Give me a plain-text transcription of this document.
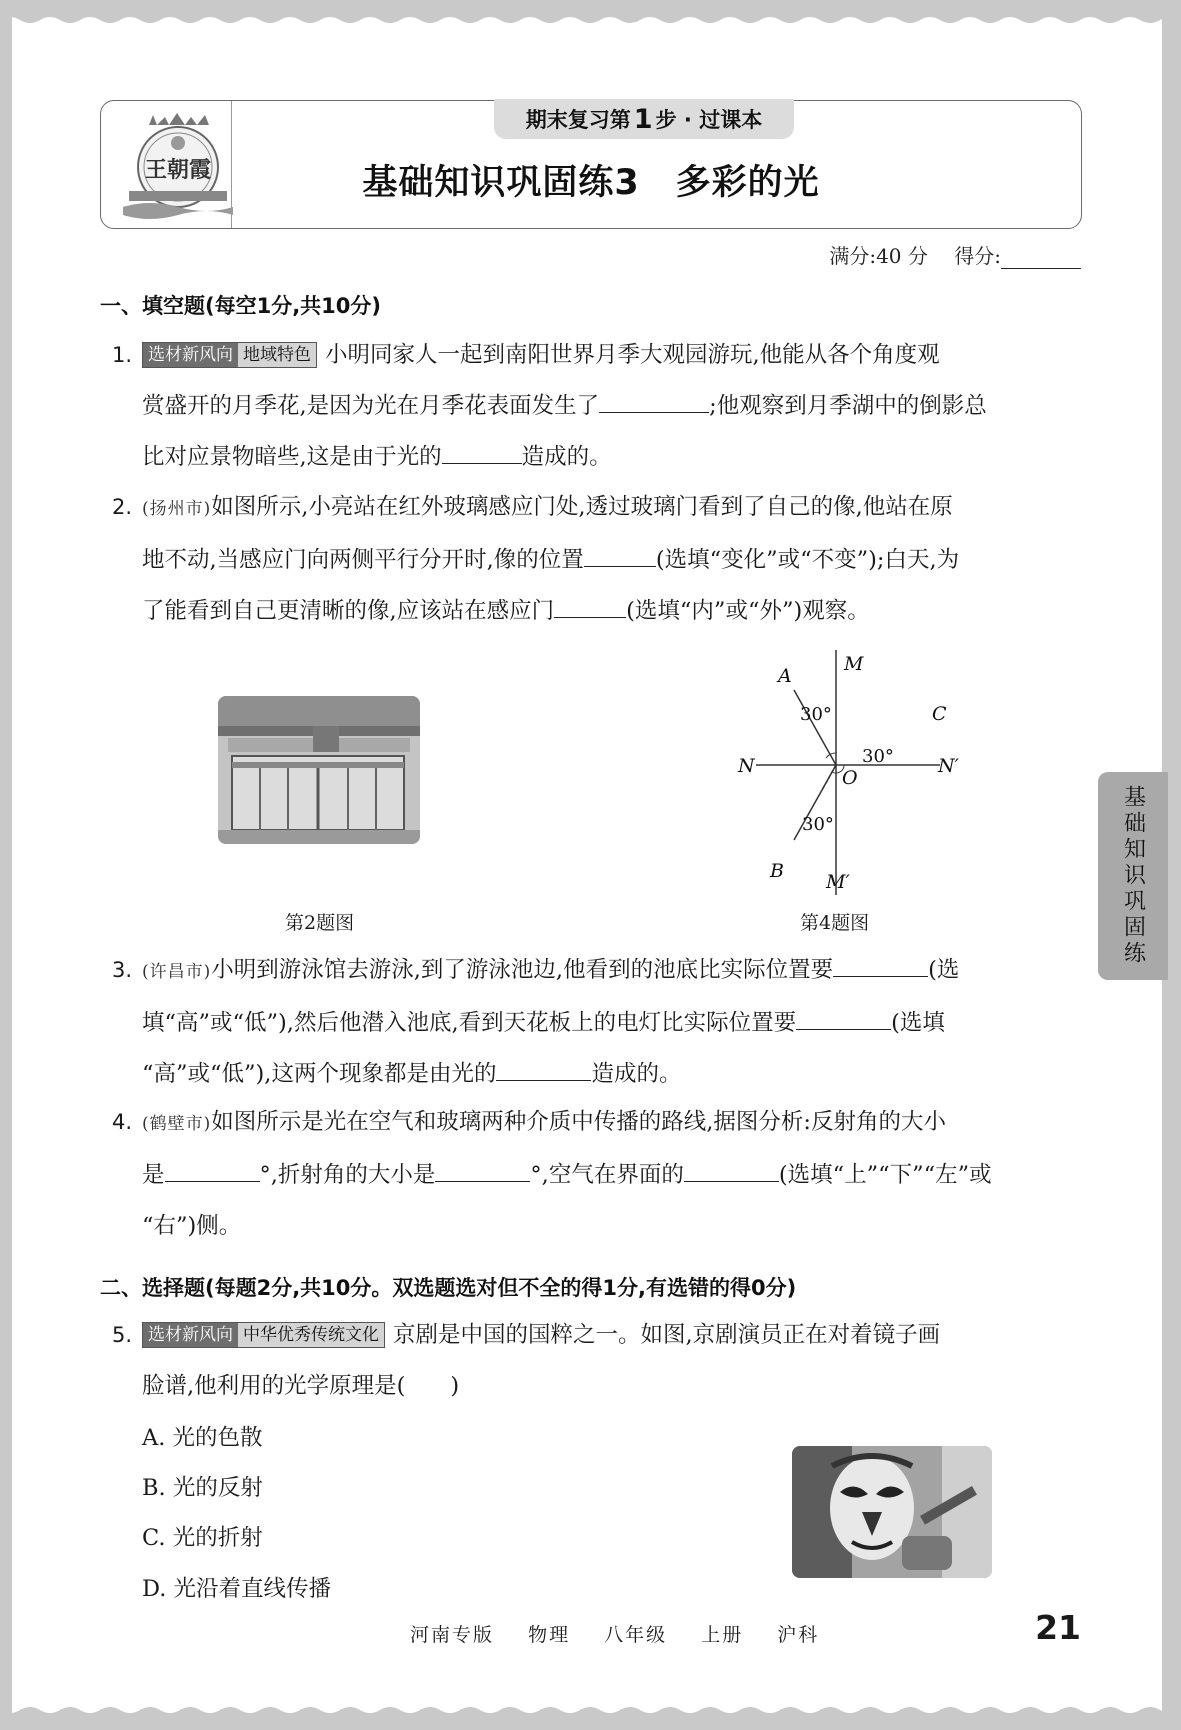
王朝霞
期末复习第 1 步 · 过课本
基础知识巩固练3　多彩的光
满分:40 分　 得分:
一、填空题(每空1分,共10分)
1. 选材新风向 地域特色 小明同家人一起到南阳世界月季大观园游玩,他能从各个角度观
赏盛开的月季花,是因为光在月季花表面发生了	;他观察到月季湖中的倒影总
比对应景物暗些,这是由于光的	造成的。
2. (扬州市)如图所示,小亮站在红外玻璃感应门处,透过玻璃门看到了自己的像,他站在原
地不动,当感应门向两侧平行分开时,像的位置	(选填“变化”或“不变”);白天,为
了能看到自己更清晰的像,应该站在感应门	(选填“内”或“外”)观察。
第2题图
M
A
30°	C
N	30° N′
O
30°
B M′
第4题图
3. (许昌市)小明到游泳馆去游泳,到了游泳池边,他看到的池底比实际位置要	(选
填“高”或“低”),然后他潜入池底,看到天花板上的电灯比实际位置要	(选填
“高”或“低”),这两个现象都是由光的	造成的。
4. (鹤壁市)如图所示是光在空气和玻璃两种介质中传播的路线,据图分析:反射角的大小
是	°,折射角的大小是	°,空气在界面的	(选填“上”“下”“左”或
“右”)侧。
二、选择题(每题2分,共10分。双选题选对但不全的得1分,有选错的得0分)
5. 选材新风向 中华优秀传统文化 京剧是中国的国粹之一。如图,京剧演员正在对着镜子画
脸谱,他利用的光学原理是(　　)
A. 光的色散
B. 光的反射
C. 光的折射
D. 光沿着直线传播
基础知识巩固练
河南专版 物理 八年级 上册 沪科	21
